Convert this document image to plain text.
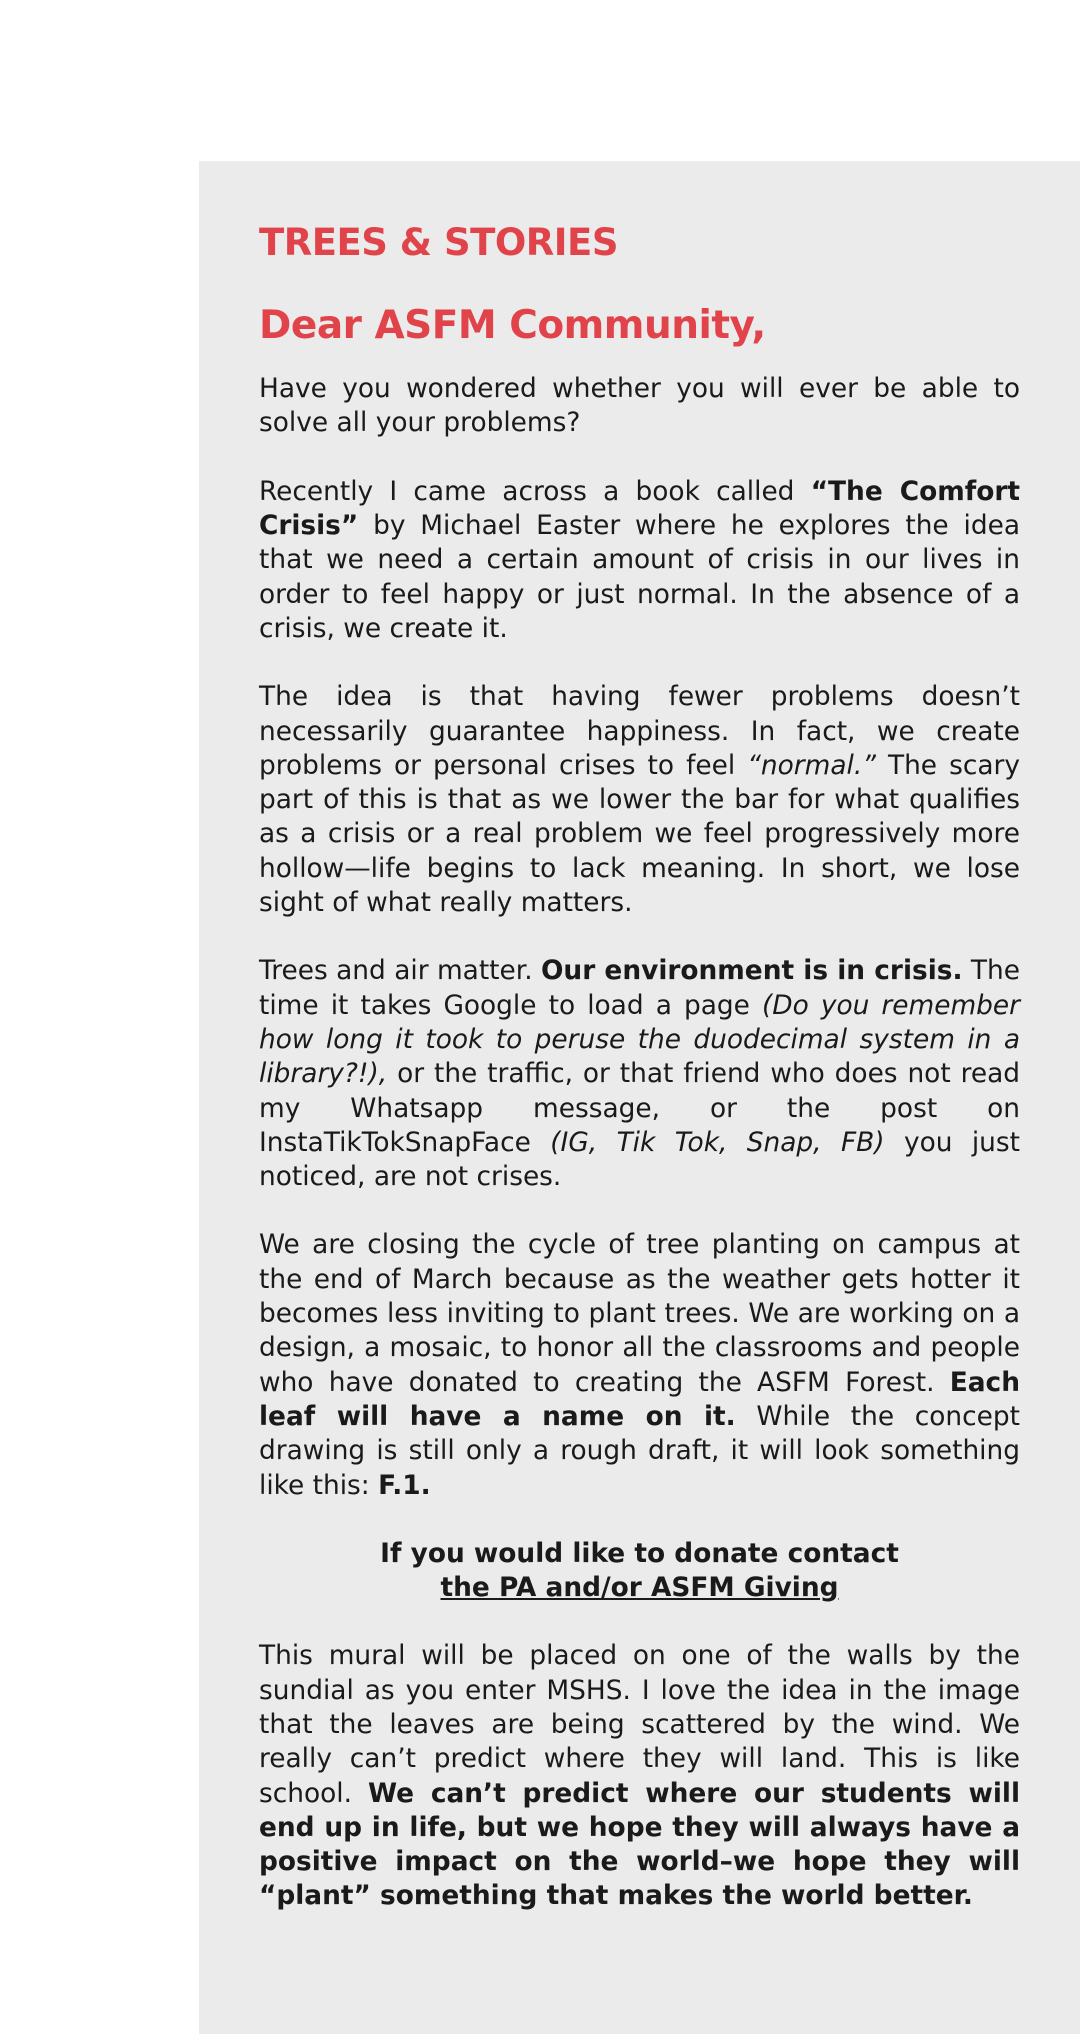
TREES & STORIES
Dear ASFM Community,

Have you wondered whether you will ever be able to solve all your problems?

Recently I came across a book called “The Comfort Crisis” by Michael Easter where he explores the idea that we need a certain amount of crisis in our lives in order to feel happy or just normal. In the absence of a crisis, we create it.

The idea is that having fewer problems doesn’t necessarily guarantee happiness. In fact, we create problems or personal crises to feel “normal.” The scary part of this is that as we lower the bar for what qualifies as a crisis or a real problem we feel progressively more hollow—life begins to lack meaning. In short, we lose sight of what really matters.

Trees and air matter. Our environment is in crisis. The time it takes Google to load a page (Do you remember how long it took to peruse the duodecimal system in a library?!), or the traffic, or that friend who does not read my Whatsapp message, or the post on InstaTikTokSnapFace (IG, Tik Tok, Snap, FB) you just noticed, are not crises.

We are closing the cycle of tree planting on campus at the end of March because as the weather gets hotter it becomes less inviting to plant trees. We are working on a design, a mosaic, to honor all the classrooms and people who have donated to creating the ASFM Forest. Each leaf will have a name on it. While the concept drawing is still only a rough draft, it will look something like this: F.1.

If you would like to donate contact
the PA and/or ASFM Giving

This mural will be placed on one of the walls by the sundial as you enter MSHS. I love the idea in the image that the leaves are being scattered by the wind. We really can’t predict where they will land. This is like school. We can’t predict where our students will end up in life, but we hope they will always have a positive impact on the world–we hope they will “plant” something that makes the world better.
